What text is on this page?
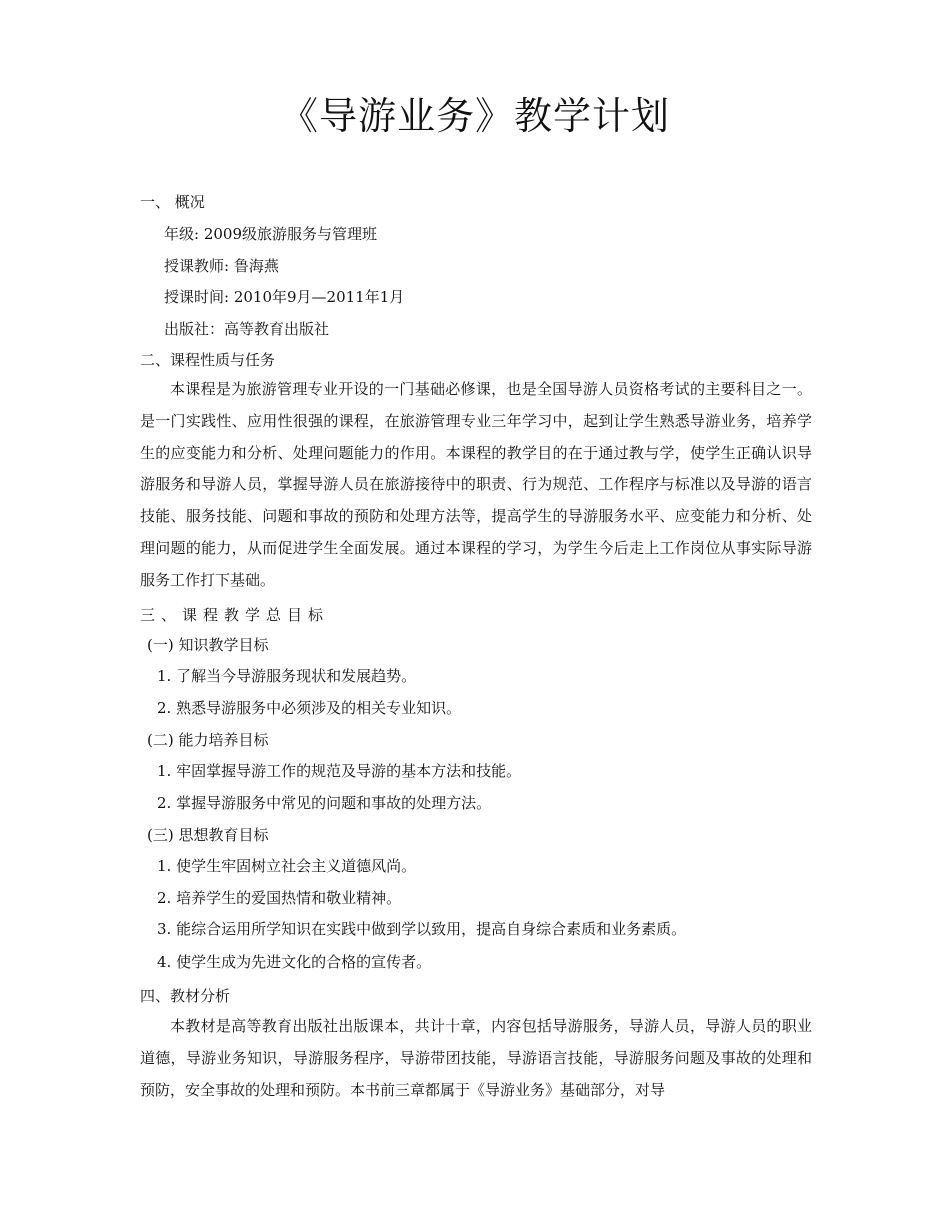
《导游业务》教学计划
一、 概况
年级: 2009级旅游服务与管理班
授课教师: 鲁海燕
授课时间: 2010年9月—2011年1月
出版社：高等教育出版社
二、课程性质与任务

本课程是为旅游管理专业开设的一门基础必修课，也是全国导游人员资格考试的主要科目之一。是一门实践性、应用性很强的课程，在旅游管理专业三年学习中，起到让学生熟悉导游业务，培养学生的应变能力和分析、处理问题能力的作用。本课程的教学目的在于通过教与学，使学生正确认识导游服务和导游人员，掌握导游人员在旅游接待中的职责、行为规范、工作程序与标准以及导游的语言技能、服务技能、问题和事故的预防和处理方法等，提高学生的导游服务水平、应变能力和分析、处理问题的能力，从而促进学生全面发展。通过本课程的学习，为学生今后走上工作岗位从事实际导游服务工作打下基础。

三、课程教学总目标
(一) 知识教学目标
1. 了解当今导游服务现状和发展趋势。
2. 熟悉导游服务中必须涉及的相关专业知识。
(二) 能力培养目标
1. 牢固掌握导游工作的规范及导游的基本方法和技能。
2. 掌握导游服务中常见的问题和事故的处理方法。
(三) 思想教育目标
1. 使学生牢固树立社会主义道德风尚。
2. 培养学生的爱国热情和敬业精神。
3. 能综合运用所学知识在实践中做到学以致用，提高自身综合素质和业务素质。
4. 使学生成为先进文化的合格的宣传者。
四、教材分析

本教材是高等教育出版社出版课本，共计十章，内容包括导游服务，导游人员，导游人员的职业道德，导游业务知识，导游服务程序，导游带团技能，导游语言技能，导游服务问题及事故的处理和预防，安全事故的处理和预防。本书前三章都属于《导游业务》基础部分，对导
